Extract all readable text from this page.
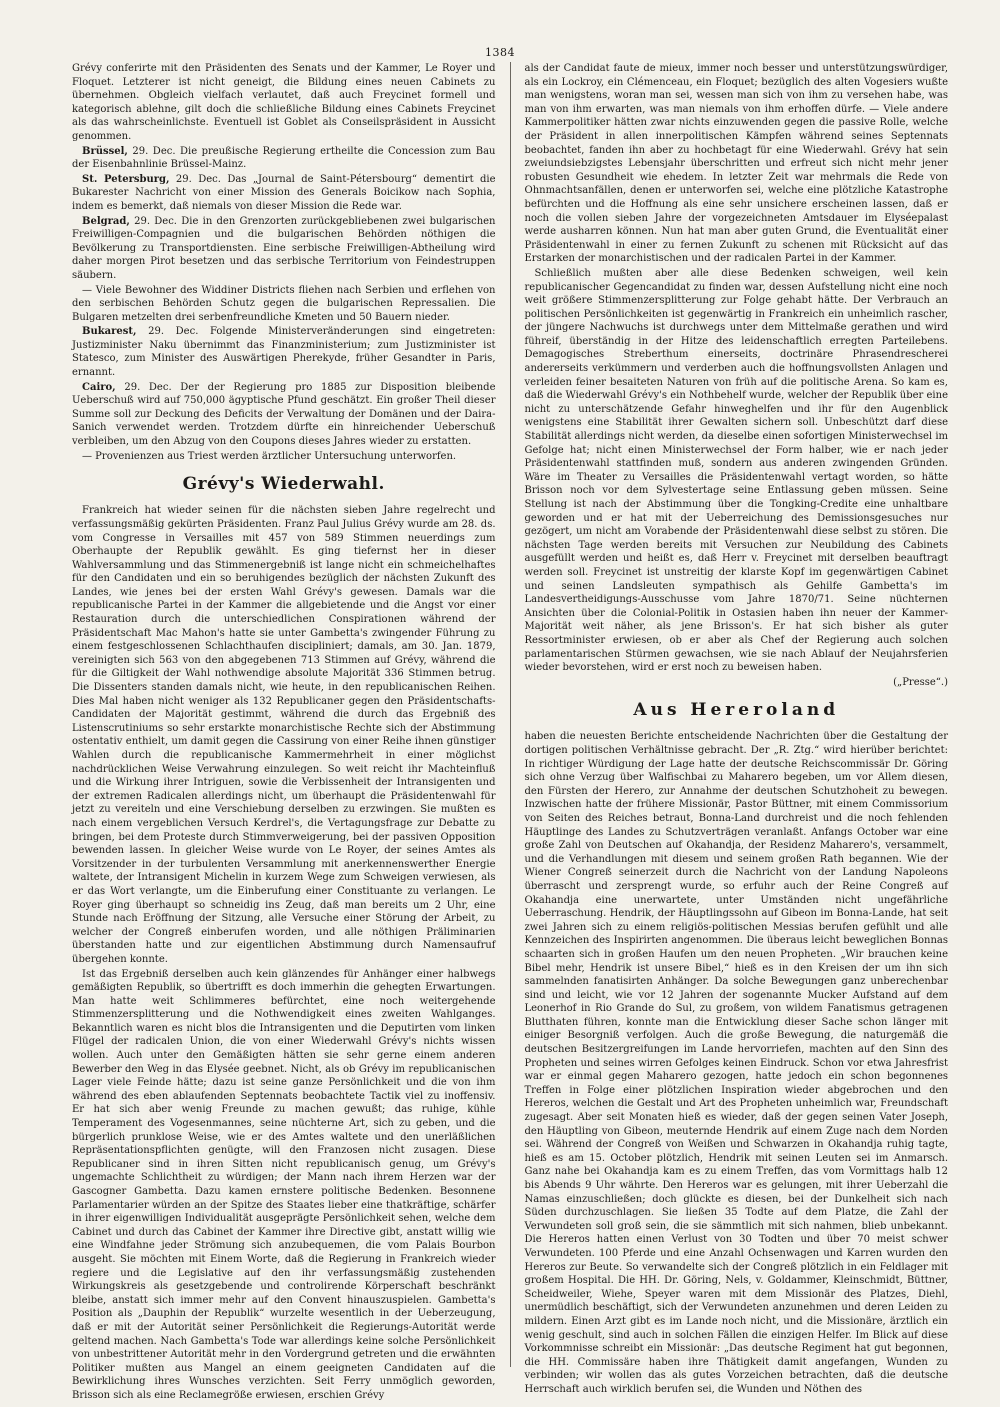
1384

Grévy conferirte mit den Präsidenten des Senats und der Kammer, Le Royer und Floquet. Letzterer ist nicht geneigt, die Bildung eines neuen Cabinets zu übernehmen. Obgleich vielfach verlautet, daß auch Freycinet formell und kategorisch ablehne, gilt doch die schließliche Bildung eines Cabinets Freycinet als das wahrscheinlichste. Eventuell ist Goblet als Conseilspräsident in Aussicht genommen.

Brüssel, 29. Dec. Die preußische Regierung ertheilte die Concession zum Bau der Eisenbahnlinie Brüssel-Mainz.

St. Petersburg, 29. Dec. Das „Journal de Saint-Pétersbourg“ dementirt die Bukarester Nachricht von einer Mission des Generals Boicikow nach Sophia, indem es bemerkt, daß niemals von dieser Mission die Rede war.

Belgrad, 29. Dec. Die in den Grenzorten zurückgebliebenen zwei bulgarischen Freiwilligen-Compagnien und die bulgarischen Behörden nöthigen die Bevölkerung zu Transportdiensten. Eine serbische Freiwilligen-Abtheilung wird daher morgen Pirot besetzen und das serbische Territorium von Feindestruppen säubern.

— Viele Bewohner des Widdiner Districts fliehen nach Serbien und erflehen von den serbischen Behörden Schutz gegen die bulgarischen Repressalien. Die Bulgaren metzelten drei serbenfreundliche Kmeten und 50 Bauern nieder.

Bukarest, 29. Dec. Folgende Ministerveränderungen sind eingetreten: Justizminister Naku übernimmt das Finanzministerium; zum Justizminister ist Statesco, zum Minister des Auswärtigen Pherekyde, früher Gesandter in Paris, ernannt.

Cairo, 29. Dec. Der der Regierung pro 1885 zur Disposition bleibende Ueberschuß wird auf 750,000 ägyptische Pfund geschätzt. Ein großer Theil dieser Summe soll zur Deckung des Deficits der Verwaltung der Domänen und der Daira-Sanich verwendet werden. Trotzdem dürfte ein hinreichender Ueberschuß verbleiben, um den Abzug von den Coupons dieses Jahres wieder zu erstatten.

— Provenienzen aus Triest werden ärztlicher Untersuchung unterworfen.

Grévy's Wiederwahl.

Frankreich hat wieder seinen für die nächsten sieben Jahre regelrecht und verfassungsmäßig gekürten Präsidenten. Franz Paul Julius Grévy wurde am 28. ds. vom Congresse in Versailles mit 457 von 589 Stimmen neuerdings zum Oberhaupte der Republik gewählt. Es ging tiefernst her in dieser Wahlversammlung und das Stimmenergebniß ist lange nicht ein schmeichelhaftes für den Candidaten und ein so beruhigendes bezüglich der nächsten Zukunft des Landes, wie jenes bei der ersten Wahl Grévy's gewesen. Damals war die republicanische Partei in der Kammer die allgebietende und die Angst vor einer Restauration durch die unterschiedlichen Conspirationen während der Präsidentschaft Mac Mahon's hatte sie unter Gambetta's zwingender Führung zu einem festgeschlossenen Schlachthaufen discipliniert; damals, am 30. Jan. 1879, vereinigten sich 563 von den abgegebenen 713 Stimmen auf Grévy, während die für die Giltigkeit der Wahl nothwendige absolute Majorität 336 Stimmen betrug. Die Dissenters standen damals nicht, wie heute, in den republicanischen Reihen. Dies Mal haben nicht weniger als 132 Republicaner gegen den Präsidentschafts-Candidaten der Majorität gestimmt, während die durch das Ergebniß des Listenscrutiniums so sehr erstarkte monarchistische Rechte sich der Abstimmung ostentativ enthielt, um damit gegen die Cassirung von einer Reihe ihnen günstiger Wahlen durch die republicanische Kammermehrheit in einer möglichst nachdrücklichen Weise Verwahrung einzulegen. So weit reicht ihr Machteinfluß und die Wirkung ihrer Intriguen, sowie die Verbissenheit der Intransigenten und der extremen Radicalen allerdings nicht, um überhaupt die Präsidentenwahl für jetzt zu vereiteln und eine Verschiebung derselben zu erzwingen. Sie mußten es nach einem vergeblichen Versuch Kerdrel's, die Vertagungsfrage zur Debatte zu bringen, bei dem Proteste durch Stimmverweigerung, bei der passiven Opposition bewenden lassen. In gleicher Weise wurde von Le Royer, der seines Amtes als Vorsitzender in der turbulenten Versammlung mit anerkennenswerther Energie waltete, der Intransigent Michelin in kurzem Wege zum Schweigen verwiesen, als er das Wort verlangte, um die Einberufung einer Constituante zu verlangen. Le Royer ging überhaupt so schneidig ins Zeug, daß man bereits um 2 Uhr, eine Stunde nach Eröffnung der Sitzung, alle Versuche einer Störung der Arbeit, zu welcher der Congreß einberufen worden, und alle nöthigen Präliminarien überstanden hatte und zur eigentlichen Abstimmung durch Namensaufruf übergehen konnte.

Ist das Ergebniß derselben auch kein glänzendes für Anhänger einer halbwegs gemäßigten Republik, so übertrifft es doch immerhin die gehegten Erwartungen. Man hatte weit Schlimmeres befürchtet, eine noch weitergehende Stimmenzersplitterung und die Nothwendigkeit eines zweiten Wahlganges. Bekanntlich waren es nicht blos die Intransigenten und die Deputirten vom linken Flügel der radicalen Union, die von einer Wiederwahl Grévy's nichts wissen wollen. Auch unter den Gemäßigten hätten sie sehr gerne einem anderen Bewerber den Weg in das Elysée geebnet. Nicht, als ob Grévy im republicanischen Lager viele Feinde hätte; dazu ist seine ganze Persönlichkeit und die von ihm während des eben ablaufenden Septennats beobachtete Tactik viel zu inoffensiv. Er hat sich aber wenig Freunde zu machen gewußt; das ruhige, kühle Temperament des Vogesenmannes, seine nüchterne Art, sich zu geben, und die bürgerlich prunklose Weise, wie er des Amtes waltete und den unerläßlichen Repräsentationspflichten genügte, will den Franzosen nicht zusagen. Diese Republicaner sind in ihren Sitten nicht republicanisch genug, um Grévy's ungemachte Schlichtheit zu würdigen; der Mann nach ihrem Herzen war der Gascogner Gambetta. Dazu kamen ernstere politische Bedenken. Besonnene Parlamentarier würden an der Spitze des Staates lieber eine thatkräftige, schärfer in ihrer eigenwilligen Individualität ausgeprägte Persönlichkeit sehen, welche dem Cabinet und durch das Cabinet der Kammer ihre Directive gibt, anstatt willig wie eine Windfahne jeder Strömung sich anzubequemen, die vom Palais Bourbon ausgeht. Sie möchten mit Einem Worte, daß die Regierung in Frankreich wieder regiere und die Legislative auf den ihr verfassungsmäßig zustehenden Wirkungskreis als gesetzgebende und controlirende Körperschaft beschränkt bleibe, anstatt sich immer mehr auf den Convent hinauszuspielen. Gambetta's Position als „Dauphin der Republik“ wurzelte wesentlich in der Ueberzeugung, daß er mit der Autorität seiner Persönlichkeit die Regierungs-Autorität werde geltend machen. Nach Gambetta's Tode war allerdings keine solche Persönlichkeit von unbestrittener Autorität mehr in den Vordergrund getreten und die erwähnten Politiker mußten aus Mangel an einem geeigneten Candidaten auf die Bewirklichung ihres Wunsches verzichten. Seit Ferry unmöglich geworden, Brisson sich als eine Reclamegröße erwiesen, erschien Grévy

als der Candidat faute de mieux, immer noch besser und unterstützungswürdiger, als ein Lockroy, ein Clémenceau, ein Floquet; bezüglich des alten Vogesiers wußte man wenigstens, woran man sei, wessen man sich von ihm zu versehen habe, was man von ihm erwarten, was man niemals von ihm erhoffen dürfe. — Viele andere Kammerpolitiker hätten zwar nichts einzuwenden gegen die passive Rolle, welche der Präsident in allen innerpolitischen Kämpfen während seines Septennats beobachtet, fanden ihn aber zu hochbetagt für eine Wiederwahl. Grévy hat sein zweiundsiebzigstes Lebensjahr überschritten und erfreut sich nicht mehr jener robusten Gesundheit wie ehedem. In letzter Zeit war mehrmals die Rede von Ohnmachtsanfällen, denen er unterworfen sei, welche eine plötzliche Katastrophe befürchten und die Hoffnung als eine sehr unsichere erscheinen lassen, daß er noch die vollen sieben Jahre der vorgezeichneten Amtsdauer im Elyséepalast werde ausharren können. Nun hat man aber guten Grund, die Eventualität einer Präsidentenwahl in einer zu fernen Zukunft zu schenen mit Rücksicht auf das Erstarken der monarchistischen und der radicalen Partei in der Kammer.

Schließlich mußten aber alle diese Bedenken schweigen, weil kein republicanischer Gegencandidat zu finden war, dessen Aufstellung nicht eine noch weit größere Stimmenzersplitterung zur Folge gehabt hätte. Der Verbrauch an politischen Persönlichkeiten ist gegenwärtig in Frankreich ein unheimlich rascher, der jüngere Nachwuchs ist durchwegs unter dem Mittelmaße gerathen und wird führeif, überständig in der Hitze des leidenschaftlich erregten Parteilebens. Demagogisches Streberthum einerseits, doctrinäre Phrasendrescherei andererseits verkümmern und verderben auch die hoffnungsvollsten Anlagen und verleiden feiner besaiteten Naturen von früh auf die politische Arena. So kam es, daß die Wiederwahl Grévy's ein Nothbehelf wurde, welcher der Republik über eine nicht zu unterschätzende Gefahr hinweghelfen und ihr für den Augenblick wenigstens eine Stabilität ihrer Gewalten sichern soll. Unbeschützt darf diese Stabilität allerdings nicht werden, da dieselbe einen sofortigen Ministerwechsel im Gefolge hat; nicht einen Ministerwechsel der Form halber, wie er nach jeder Präsidentenwahl stattfinden muß, sondern aus anderen zwingenden Gründen. Wäre im Theater zu Versailles die Präsidentenwahl vertagt worden, so hätte Brisson noch vor dem Sylvestertage seine Entlassung geben müssen. Seine Stellung ist nach der Abstimmung über die Tongking-Credite eine unhaltbare geworden und er hat mit der Ueberreichung des Demissionsgesuches nur gezögert, um nicht am Vorabende der Präsidentenwahl diese selbst zu stören. Die nächsten Tage werden bereits mit Versuchen zur Neubildung des Cabinets ausgefüllt werden und heißt es, daß Herr v. Freycinet mit derselben beauftragt werden soll. Freycinet ist unstreitig der klarste Kopf im gegenwärtigen Cabinet und seinen Landsleuten sympathisch als Gehilfe Gambetta's im Landesvertheidigungs-Ausschusse vom Jahre 1870/71. Seine nüchternen Ansichten über die Colonial-Politik in Ostasien haben ihn neuer der Kammer-Majorität weit näher, als jene Brisson's. Er hat sich bisher als guter Ressortminister erwiesen, ob er aber als Chef der Regierung auch solchen parlamentarischen Stürmen gewachsen, wie sie nach Ablauf der Neujahrsferien wieder bevorstehen, wird er erst noch zu beweisen haben.

(„Presse“.)
Aus Hereroland

haben die neuesten Berichte entscheidende Nachrichten über die Gestaltung der dortigen politischen Verhältnisse gebracht. Der „R. Ztg.“ wird hierüber berichtet: In richtiger Würdigung der Lage hatte der deutsche Reichscommissär Dr. Göring sich ohne Verzug über Walfischbai zu Maharero begeben, um vor Allem diesen, den Fürsten der Herero, zur Annahme der deutschen Schutzhoheit zu bewegen. Inzwischen hatte der frühere Missionär, Pastor Büttner, mit einem Commissorium von Seiten des Reiches betraut, Bonna-Land durchreist und die noch fehlenden Häuptlinge des Landes zu Schutzverträgen veranlaßt. Anfangs October war eine große Zahl von Deutschen auf Okahandja, der Residenz Maharero's, versammelt, und die Verhandlungen mit diesem und seinem großen Rath begannen. Wie der Wiener Congreß seinerzeit durch die Nachricht von der Landung Napoleons überrascht und zersprengt wurde, so erfuhr auch der Reine Congreß auf Okahandja eine unerwartete, unter Umständen nicht ungefährliche Ueberraschung. Hendrik, der Häuptlingssohn auf Gibeon im Bonna-Lande, hat seit zwei Jahren sich zu einem religiös-politischen Messias berufen gefühlt und alle Kennzeichen des Inspirirten angenommen. Die überaus leicht beweglichen Bonnas schaarten sich in großen Haufen um den neuen Propheten. „Wir brauchen keine Bibel mehr, Hendrik ist unsere Bibel,“ hieß es in den Kreisen der um ihn sich sammelnden fanatisirten Anhänger. Da solche Bewegungen ganz unberechenbar sind und leicht, wie vor 12 Jahren der sogenannte Mucker Aufstand auf dem Leonerhof in Rio Grande do Sul, zu großem, von wildem Fanatismus getragenen Blutthaten führen, konnte man die Entwicklung dieser Sache schon länger mit einiger Besorgniß verfolgen. Auch die große Bewegung, die naturgemäß die deutschen Besitzergreifungen im Lande hervorriefen, machten auf den Sinn des Propheten und seines wirren Gefolges keinen Eindruck. Schon vor etwa Jahresfrist war er einmal gegen Maharero gezogen, hatte jedoch ein schon begonnenes Treffen in Folge einer plötzlichen Inspiration wieder abgebrochen und den Hereros, welchen die Gestalt und Art des Propheten unheimlich war, Freundschaft zugesagt. Aber seit Monaten hieß es wieder, daß der gegen seinen Vater Joseph, den Häuptling von Gibeon, meuternde Hendrik auf einem Zuge nach dem Norden sei. Während der Congreß von Weißen und Schwarzen in Okahandja ruhig tagte, hieß es am 15. October plötzlich, Hendrik mit seinen Leuten sei im Anmarsch. Ganz nahe bei Okahandja kam es zu einem Treffen, das vom Vormittags halb 12 bis Abends 9 Uhr währte. Den Hereros war es gelungen, mit ihrer Ueberzahl die Namas einzuschließen; doch glückte es diesen, bei der Dunkelheit sich nach Süden durchzuschlagen. Sie ließen 35 Todte auf dem Platze, die Zahl der Verwundeten soll groß sein, die sie sämmtlich mit sich nahmen, blieb unbekannt. Die Hereros hatten einen Verlust von 30 Todten und über 70 meist schwer Verwundeten. 100 Pferde und eine Anzahl Ochsenwagen und Karren wurden den Hereros zur Beute. So verwandelte sich der Congreß plötzlich in ein Feldlager mit großem Hospital. Die HH. Dr. Göring, Nels, v. Goldammer, Kleinschmidt, Büttner, Scheidweiler, Wiehe, Speyer waren mit dem Missionär des Platzes, Diehl, unermüdlich beschäftigt, sich der Verwundeten anzunehmen und deren Leiden zu mildern. Einen Arzt gibt es im Lande noch nicht, und die Missionäre, ärztlich ein wenig geschult, sind auch in solchen Fällen die einzigen Helfer. Im Blick auf diese Vorkommnisse schreibt ein Missionär: „Das deutsche Regiment hat gut begonnen, die HH. Commissäre haben ihre Thätigkeit damit angefangen, Wunden zu verbinden; wir wollen das als gutes Vorzeichen betrachten, daß die deutsche Herrschaft auch wirklich berufen sei, die Wunden und Nöthen des
